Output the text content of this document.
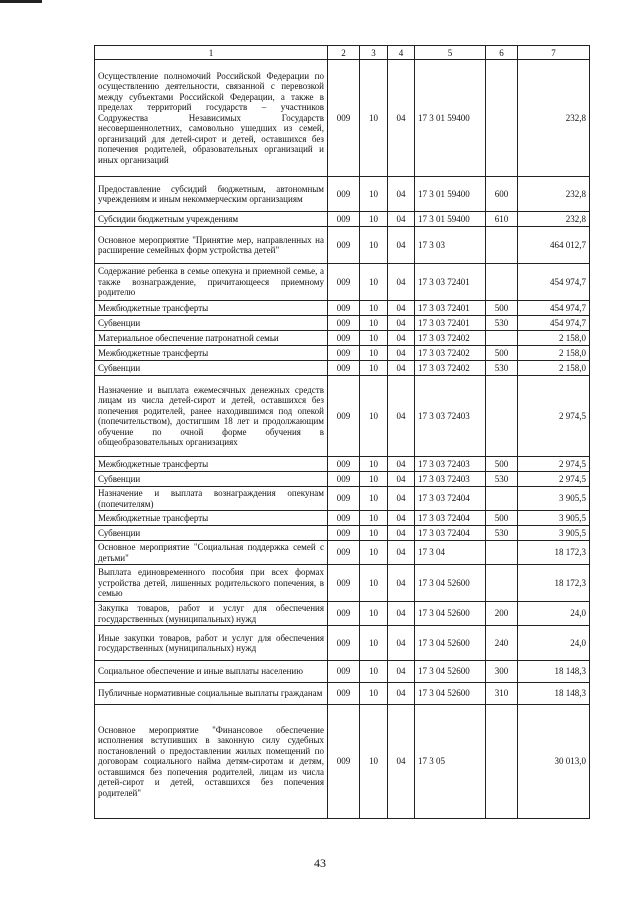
1	2	3	4	5	6	7
Осуществление полномочий Российской Федерации по осуществлению деятельности, связанной с перевозкой между субъектами Российской Федерации, а также в пределах территорий государств – участников Содружества Независимых Государств несовершеннолетних, самовольно ушедших из семей, организаций для детей-сирот и детей, оставшихся без попечения родителей, образовательных организаций и иных организаций	009	10	04	17 3 01 59400		232,8
Предоставление субсидий бюджетным, автономным учреждениям и иным некоммерческим организациям	009	10	04	17 3 01 59400	600	232,8
Субсидии бюджетным учреждениям	009	10	04	17 3 01 59400	610	232,8
Основное мероприятие "Принятие мер, направленных на расширение семейных форм устройства детей"	009	10	04	17 3 03		464 012,7
Содержание ребенка в семье опекуна и приемной семье, а также вознаграждение, причитающееся приемному родителю	009	10	04	17 3 03 72401		454 974,7
Межбюджетные трансферты	009	10	04	17 3 03 72401	500	454 974,7
Субвенции	009	10	04	17 3 03 72401	530	454 974,7
Материальное обеспечение патронатной семьи	009	10	04	17 3 03 72402		2 158,0
Межбюджетные трансферты	009	10	04	17 3 03 72402	500	2 158,0
Субвенции	009	10	04	17 3 03 72402	530	2 158,0
Назначение и выплата ежемесячных денежных средств лицам из числа детей-сирот и детей, оставшихся без попечения родителей, ранее находившимся под опекой (попечительством), достигшим 18 лет и продолжающим обучение по очной форме обучения в общеобразовательных организациях	009	10	04	17 3 03 72403		2 974,5
Межбюджетные трансферты	009	10	04	17 3 03 72403	500	2 974,5
Субвенции	009	10	04	17 3 03 72403	530	2 974,5
Назначение и выплата вознаграждения опекунам (попечителям)	009	10	04	17 3 03 72404		3 905,5
Межбюджетные трансферты	009	10	04	17 3 03 72404	500	3 905,5
Субвенции	009	10	04	17 3 03 72404	530	3 905,5
Основное мероприятие "Социальная поддержка семей с детьми"	009	10	04	17 3 04		18 172,3
Выплата единовременного пособия при всех формах устройства детей, лишенных родительского попечения, в семью	009	10	04	17 3 04 52600		18 172,3
Закупка товаров, работ и услуг для обеспечения государственных (муниципальных) нужд	009	10	04	17 3 04 52600	200	24,0
Иные закупки товаров, работ и услуг для обеспечения государственных (муниципальных) нужд	009	10	04	17 3 04 52600	240	24,0
Социальное обеспечение и иные выплаты населению	009	10	04	17 3 04 52600	300	18 148,3
Публичные нормативные социальные выплаты гражданам	009	10	04	17 3 04 52600	310	18 148,3
Основное мероприятие "Финансовое обеспечение исполнения вступивших в законную силу судебных постановлений о предоставлении жилых помещений по договорам социального найма детям-сиротам и детям, оставшимся без попечения родителей, лицам из числа детей-сирот и детей, оставшихся без попечения родителей"	009	10	04	17 3 05		30 013,0
43
